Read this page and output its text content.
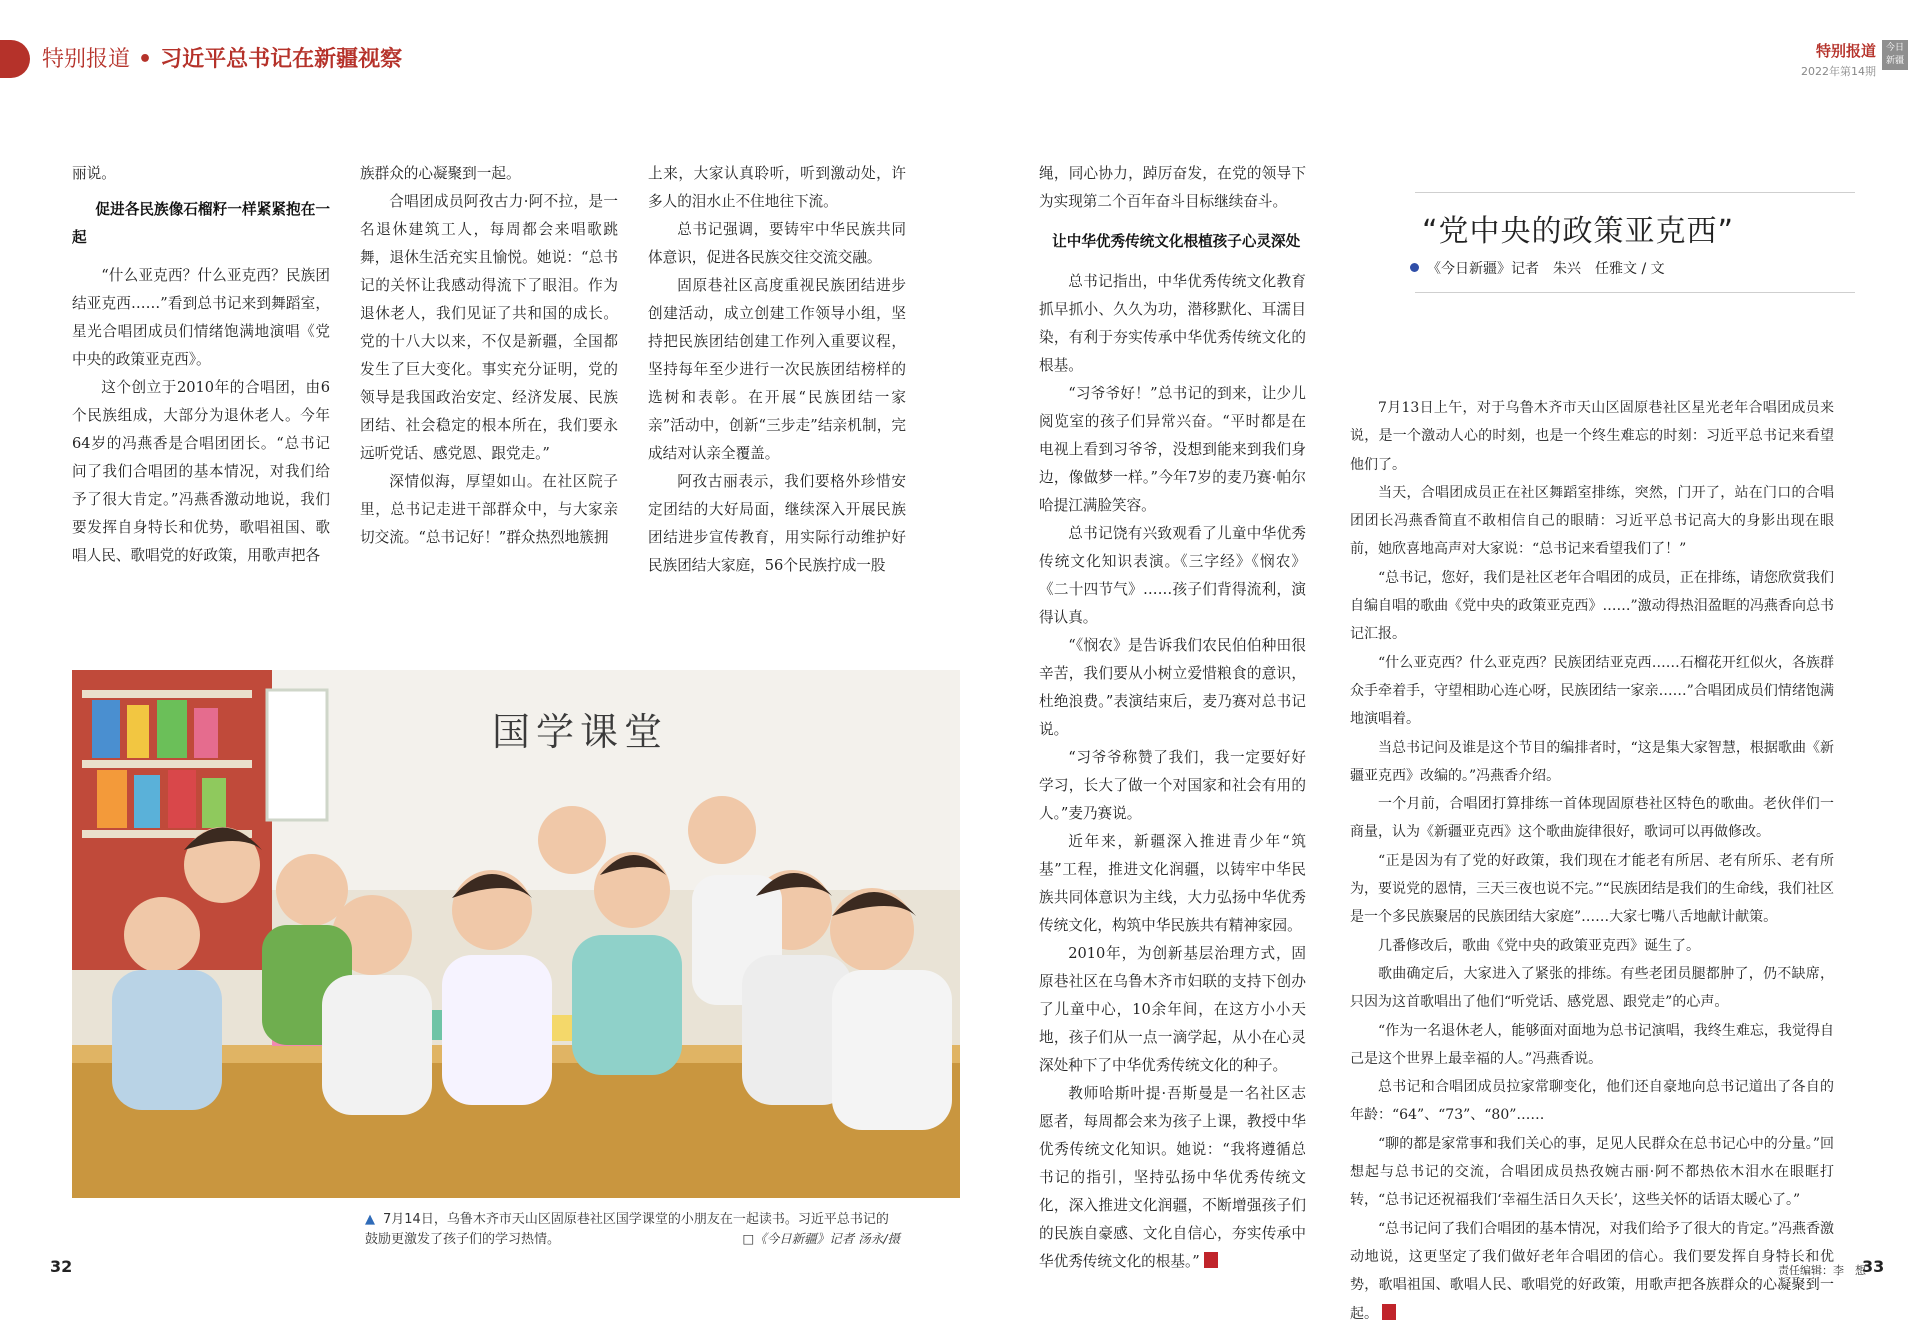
特别报道 • 习近平总书记在新疆视察

丽说。

促进各民族像石榴籽一样紧紧抱在一起

“什么亚克西？什么亚克西？民族团结亚克西……”看到总书记来到舞蹈室，星光合唱团成员们情绪饱满地演唱《党中央的政策亚克西》。

这个创立于2010年的合唱团，由6个民族组成，大部分为退休老人。今年64岁的冯燕香是合唱团团长。“总书记问了我们合唱团的基本情况，对我们给予了很大肯定。”冯燕香激动地说，我们要发挥自身特长和优势，歌唱祖国、歌唱人民、歌唱党的好政策，用歌声把各

族群众的心凝聚到一起。

合唱团成员阿孜古力·阿不拉，是一名退休建筑工人，每周都会来唱歌跳舞，退休生活充实且愉悦。她说：“总书记的关怀让我感动得流下了眼泪。作为退休老人，我们见证了共和国的成长。党的十八大以来，不仅是新疆，全国都发生了巨大变化。事实充分证明，党的领导是我国政治安定、经济发展、民族团结、社会稳定的根本所在，我们要永远听党话、感党恩、跟党走。”

深情似海，厚望如山。在社区院子里，总书记走进干部群众中，与大家亲切交流。“总书记好！”群众热烈地簇拥

上来，大家认真聆听，听到激动处，许多人的泪水止不住地往下流。

总书记强调，要铸牢中华民族共同体意识，促进各民族交往交流交融。

固原巷社区高度重视民族团结进步创建活动，成立创建工作领导小组，坚持把民族团结创建工作列入重要议程，坚持每年至少进行一次民族团结榜样的选树和表彰。在开展“民族团结一家亲”活动中，创新“三步走”结亲机制，完成结对认亲全覆盖。

阿孜古丽表示，我们要格外珍惜安定团结的大好局面，继续深入开展民族团结进步宣传教育，用实际行动维护好民族团结大家庭，56个民族拧成一股

国学课堂
▲ 7月14日，乌鲁木齐市天山区固原巷社区国学课堂的小朋友在一起读书。习近平总书记的鼓励更激发了孩子们的学习热情。	□《今日新疆》记者 汤永/摄
32
特别报道
2022年第14期
今日新疆

绳，同心协力，踔厉奋发，在党的领导下为实现第二个百年奋斗目标继续奋斗。

让中华优秀传统文化根植孩子心灵深处

总书记指出，中华优秀传统文化教育抓早抓小、久久为功，潜移默化、耳濡目染，有利于夯实传承中华优秀传统文化的根基。

“习爷爷好！”总书记的到来，让少儿阅览室的孩子们异常兴奋。“平时都是在电视上看到习爷爷，没想到能来到我们身边，像做梦一样。”今年7岁的麦乃赛·帕尔哈提江满脸笑容。

总书记饶有兴致观看了儿童中华优秀传统文化知识表演。《三字经》《悯农》《二十四节气》……孩子们背得流利，演得认真。

“《悯农》是告诉我们农民伯伯种田很辛苦，我们要从小树立爱惜粮食的意识，杜绝浪费。”表演结束后，麦乃赛对总书记说。

“习爷爷称赞了我们，我一定要好好学习，长大了做一个对国家和社会有用的人。”麦乃赛说。

近年来，新疆深入推进青少年“筑基”工程，推进文化润疆，以铸牢中华民族共同体意识为主线，大力弘扬中华优秀传统文化，构筑中华民族共有精神家园。

2010年，为创新基层治理方式，固原巷社区在乌鲁木齐市妇联的支持下创办了儿童中心，10余年间，在这方小小天地，孩子们从一点一滴学起，从小在心灵深处种下了中华优秀传统文化的种子。

教师哈斯叶提·吾斯曼是一名社区志愿者，每周都会来为孩子上课，教授中华优秀传统文化知识。她说：“我将遵循总书记的指引，坚持弘扬中华优秀传统文化，深入推进文化润疆，不断增强孩子们的民族自豪感、文化自信心，夯实传承中华优秀传统文化的根基。”

“党中央的政策亚克西”
《今日新疆》记者　朱兴　任雅文 / 文

7月13日上午，对于乌鲁木齐市天山区固原巷社区星光老年合唱团成员来说，是一个激动人心的时刻，也是一个终生难忘的时刻：习近平总书记来看望他们了。

当天，合唱团成员正在社区舞蹈室排练，突然，门开了，站在门口的合唱团团长冯燕香简直不敢相信自己的眼睛：习近平总书记高大的身影出现在眼前，她欣喜地高声对大家说：“总书记来看望我们了！”

“总书记，您好，我们是社区老年合唱团的成员，正在排练，请您欣赏我们自编自唱的歌曲《党中央的政策亚克西》……”激动得热泪盈眶的冯燕香向总书记汇报。

“什么亚克西？什么亚克西？民族团结亚克西……石榴花开红似火，各族群众手牵着手，守望相助心连心呀，民族团结一家亲……”合唱团成员们情绪饱满地演唱着。

当总书记问及谁是这个节目的编排者时，“这是集大家智慧，根据歌曲《新疆亚克西》改编的。”冯燕香介绍。

一个月前，合唱团打算排练一首体现固原巷社区特色的歌曲。老伙伴们一商量，认为《新疆亚克西》这个歌曲旋律很好，歌词可以再做修改。

“正是因为有了党的好政策，我们现在才能老有所居、老有所乐、老有所为，要说党的恩情，三天三夜也说不完。”“民族团结是我们的生命线，我们社区是一个多民族聚居的民族团结大家庭”……大家七嘴八舌地献计献策。

几番修改后，歌曲《党中央的政策亚克西》诞生了。

歌曲确定后，大家进入了紧张的排练。有些老团员腿都肿了，仍不缺席，只因为这首歌唱出了他们“听党话、感党恩、跟党走”的心声。

“作为一名退休老人，能够面对面地为总书记演唱，我终生难忘，我觉得自己是这个世界上最幸福的人。”冯燕香说。

总书记和合唱团成员拉家常聊变化，他们还自豪地向总书记道出了各自的年龄：“64”、“73”、“80”……

“聊的都是家常事和我们关心的事，足见人民群众在总书记心中的分量。”回想起与总书记的交流，合唱团成员热孜婉古丽·阿不都热依木泪水在眼眶打转，“总书记还祝福我们‘幸福生活日久天长’，这些关怀的话语太暖心了。”

“总书记问了我们合唱团的基本情况，对我们给予了很大的肯定。”冯燕香激动地说，这更坚定了我们做好老年合唱团的信心。我们要发挥自身特长和优势，歌唱祖国、歌唱人民、歌唱党的好政策，用歌声把各族群众的心凝聚到一起。

责任编辑：李　想
33
